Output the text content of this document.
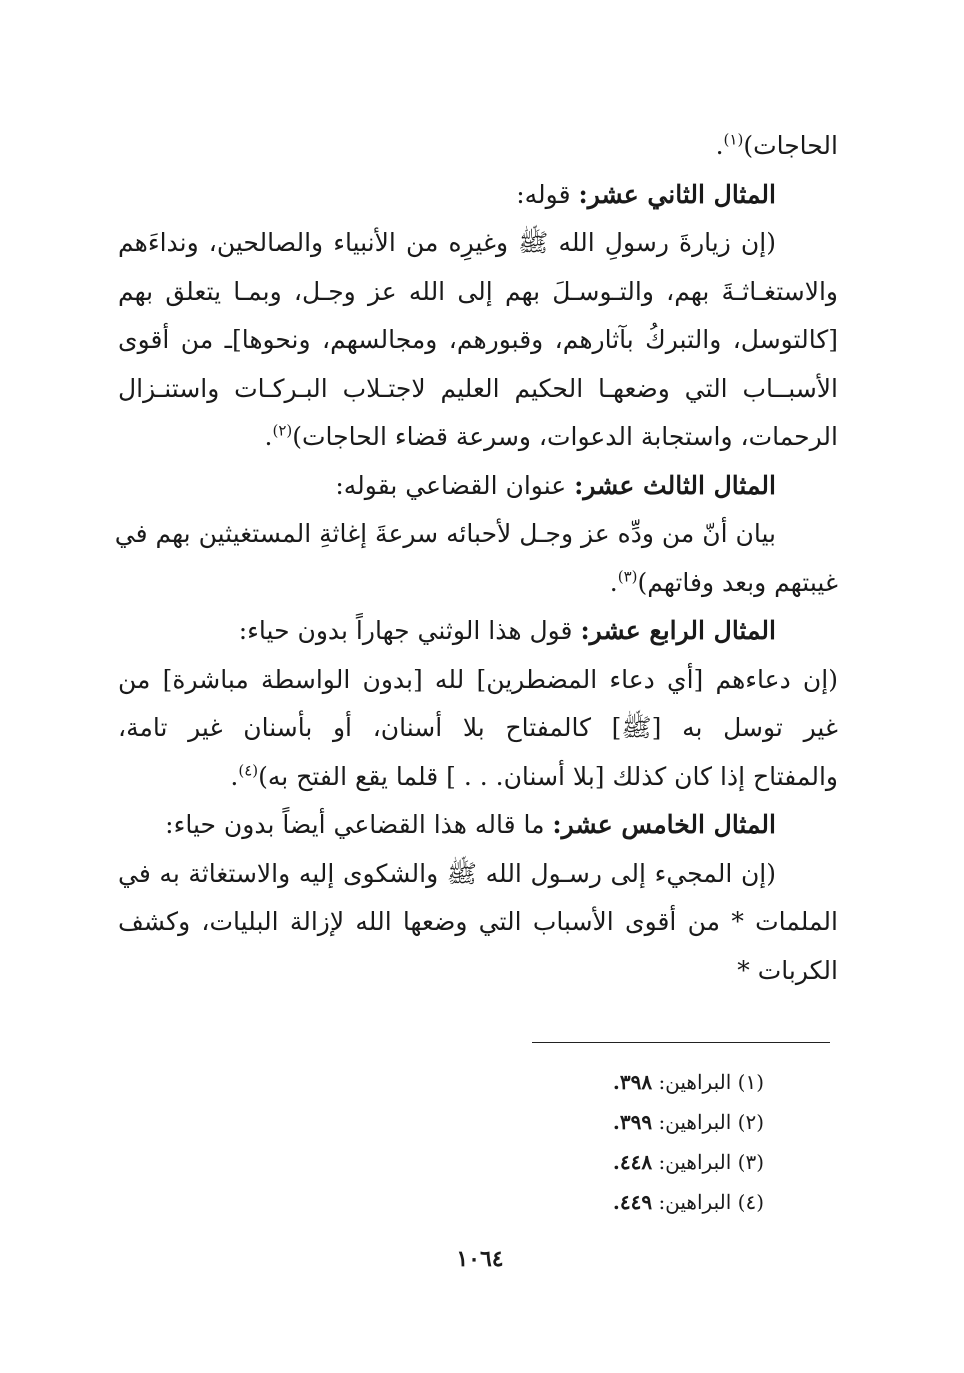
الحاجات)$^{(١)}$.
المثال الثاني عشر: قوله:
(إن زيارةَ رسولِ الله ﷺ وغيرِه من الأنبياء والصالحين، ونداءَهم
والاستغـاثـةَ بهم، والتـوسـلَ بهم إلى الله عز وجـل، وبمـا يتعلق بهم
[كالتوسل، والتبركُ بآثارهم، وقبورهم، ومجالسهم، ونحوها]ـ من أقوى
الأسبــاب التي وضعهـا الحكيم العليم لاجتـلاب البـركـات واستنـزال
الرحمات، واستجابة الدعوات، وسرعة قضاء الحاجات)$^{(٢)}$.
المثال الثالث عشر: عنوان القضاعي بقوله:
بيان أنّ من ودِّه عز وجـل لأحبائه سرعةَ إغاثةِ المستغيثين بهم في
غيبتهم وبعد وفاتهم)$^{(٣)}$.
المثال الرابع عشر: قول هذا الوثني جهاراً بدون حياء:
(إن دعاءهم [أي دعاء المضطرين] لله [بدون الواسطة مباشرة] من
غير توسل به [ﷺ] كالمفتاح بلا أسنان، أو بأسنان غير تامة،
والمفتاح إذا كان كذلك [بلا أسنان. . . ] قلما يقع الفتح به)$^{(٤)}$.
المثال الخامس عشر: ما قاله هذا القضاعي أيضاً بدون حياء:
(إن المجيء إلى رسـول الله ﷺ والشكوى إليه والاستغاثة به في
الملمات * من أقوى الأسباب التي وضعها الله لإزالة البليات، وكشف
الكربات *
(١) البراهين: ٣٩٨.
(٢) البراهين: ٣٩٩.
(٣) البراهين: ٤٤٨.
(٤) البراهين: ٤٤٩.
١٠٦٤
